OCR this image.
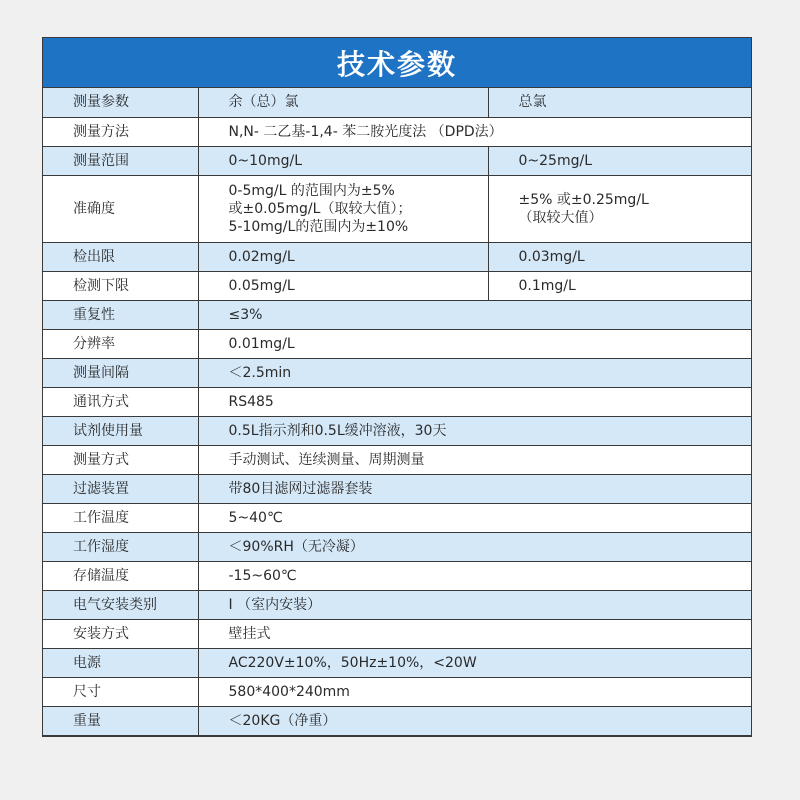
技术参数
测量参数	余（总）氯	总氯
测量方法	N,N- 二乙基-1,4- 苯二胺光度法 （DPD法）	
测量范围	0~10mg/L	0~25mg/L
准确度	0-5mg/L 的范围内为±5%
或±0.05mg/L（取较大值）；
5-10mg/L的范围内为±10%	±5% 或±0.25mg/L
（取较大值）
检出限	0.02mg/L	0.03mg/L
检测下限	0.05mg/L	0.1mg/L
重复性	≤3%	
分辨率	0.01mg/L	
测量间隔	＜2.5min	
通讯方式	RS485	
试剂使用量	0.5L指示剂和0.5L缓冲溶液，30天	
测量方式	手动测试、连续测量、周期测量	
过滤装置	带80目滤网过滤器套装	
工作温度	5~40℃	
工作湿度	＜90%RH（无冷凝）	
存储温度	-15~60℃	
电气安装类别	I （室内安装）	
安装方式	壁挂式	
电源	AC220V±10%，50Hz±10%，<20W	
尺寸	580*400*240mm	
重量	＜20KG（净重）	
